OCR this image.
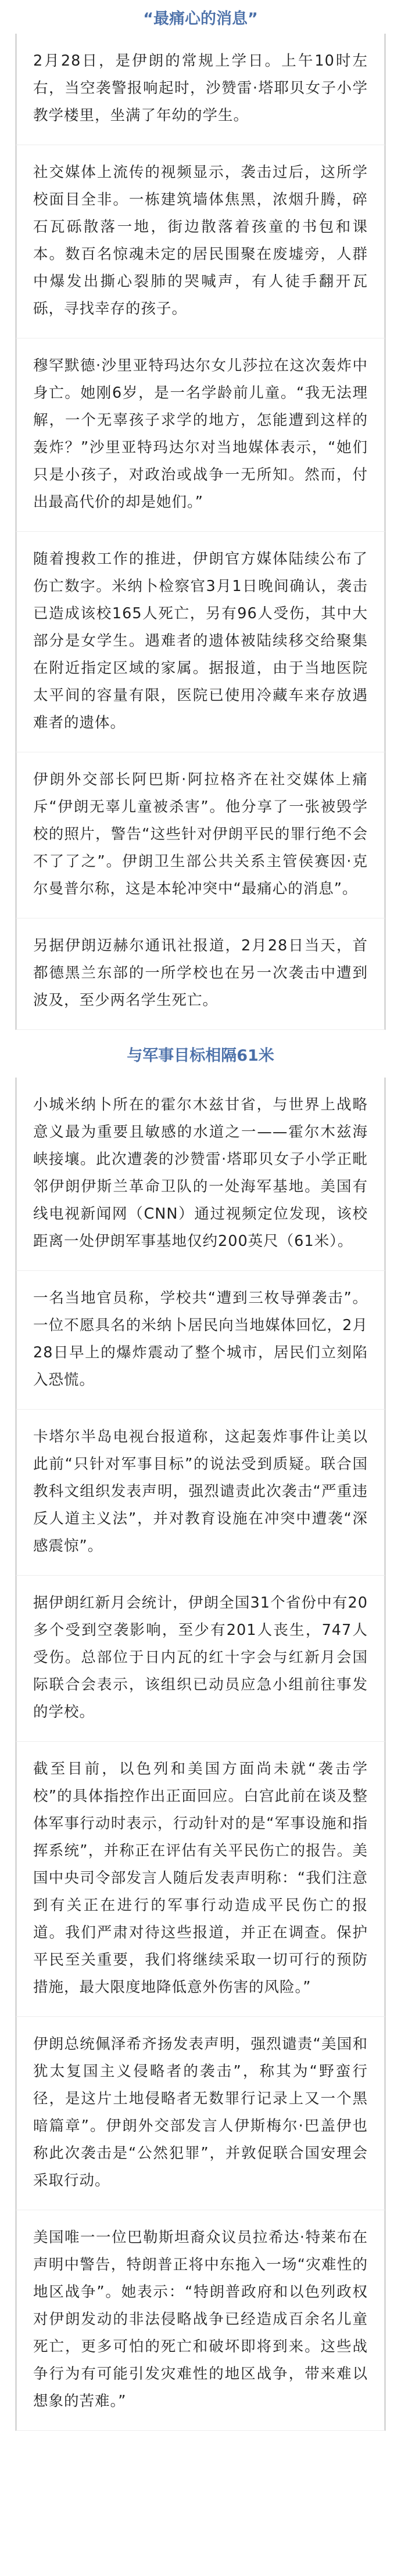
“最痛心的消息”

2月28日，是伊朗的常规上学日。上午10时左右，当空袭警报响起时，沙赞雷·塔耶贝女子小学教学楼里，坐满了年幼的学生。

社交媒体上流传的视频显示，袭击过后，这所学校面目全非。一栋建筑墙体焦黑，浓烟升腾，碎石瓦砾散落一地，街边散落着孩童的书包和课本。数百名惊魂未定的居民围聚在废墟旁，人群中爆发出撕心裂肺的哭喊声，有人徒手翻开瓦砾，寻找幸存的孩子。

穆罕默德·沙里亚特玛达尔女儿莎拉在这次轰炸中身亡。她刚6岁，是一名学龄前儿童。“我无法理解，一个无辜孩子求学的地方，怎能遭到这样的轰炸？”沙里亚特玛达尔对当地媒体表示，“她们只是小孩子，对政治或战争一无所知。然而，付出最高代价的却是她们。”

随着搜救工作的推进，伊朗官方媒体陆续公布了伤亡数字。米纳卜检察官3月1日晚间确认，袭击已造成该校165人死亡，另有96人受伤，其中大部分是女学生。遇难者的遗体被陆续移交给聚集在附近指定区域的家属。据报道，由于当地医院太平间的容量有限，医院已使用冷藏车来存放遇难者的遗体。

伊朗外交部长阿巴斯·阿拉格齐在社交媒体上痛斥“伊朗无辜儿童被杀害”。他分享了一张被毁学校的照片，警告“这些针对伊朗平民的罪行绝不会不了了之”。伊朗卫生部公共关系主管侯赛因·克尔曼普尔称，这是本轮冲突中“最痛心的消息”。

另据伊朗迈赫尔通讯社报道，2月28日当天，首都德黑兰东部的一所学校也在另一次袭击中遭到波及，至少两名学生死亡。

与军事目标相隔61米

小城米纳卜所在的霍尔木兹甘省，与世界上战略意义最为重要且敏感的水道之一——霍尔木兹海峡接壤。此次遭袭的沙赞雷·塔耶贝女子小学正毗邻伊朗伊斯兰革命卫队的一处海军基地。美国有线电视新闻网（CNN）通过视频定位发现，该校距离一处伊朗军事基地仅约200英尺（61米）。

一名当地官员称，学校共“遭到三枚导弹袭击”。一位不愿具名的米纳卜居民向当地媒体回忆，2月28日早上的爆炸震动了整个城市，居民们立刻陷入恐慌。

卡塔尔半岛电视台报道称，这起轰炸事件让美以此前“只针对军事目标”的说法受到质疑。联合国教科文组织发表声明，强烈谴责此次袭击“严重违反人道主义法”，并对教育设施在冲突中遭袭“深感震惊”。

据伊朗红新月会统计，伊朗全国31个省份中有20多个受到空袭影响，至少有201人丧生，747人受伤。总部位于日内瓦的红十字会与红新月会国际联合会表示，该组织已动员应急小组前往事发的学校。

截至目前，以色列和美国方面尚未就“袭击学校”的具体指控作出正面回应。白宫此前在谈及整体军事行动时表示，行动针对的是“军事设施和指挥系统”，并称正在评估有关平民伤亡的报告。美国中央司令部发言人随后发表声明称：“我们注意到有关正在进行的军事行动造成平民伤亡的报道。我们严肃对待这些报道，并正在调查。保护平民至关重要，我们将继续采取一切可行的预防措施，最大限度地降低意外伤害的风险。”

伊朗总统佩泽希齐扬发表声明，强烈谴责“美国和犹太复国主义侵略者的袭击”，称其为“野蛮行径，是这片土地侵略者无数罪行记录上又一个黑暗篇章”。伊朗外交部发言人伊斯梅尔·巴盖伊也称此次袭击是“公然犯罪”，并敦促联合国安理会采取行动。

美国唯一一位巴勒斯坦裔众议员拉希达·特莱布在声明中警告，特朗普正将中东拖入一场“灾难性的地区战争”。她表示：“特朗普政府和以色列政权对伊朗发动的非法侵略战争已经造成百余名儿童死亡，更多可怕的死亡和破坏即将到来。这些战争行为有可能引发灾难性的地区战争，带来难以想象的苦难。”
